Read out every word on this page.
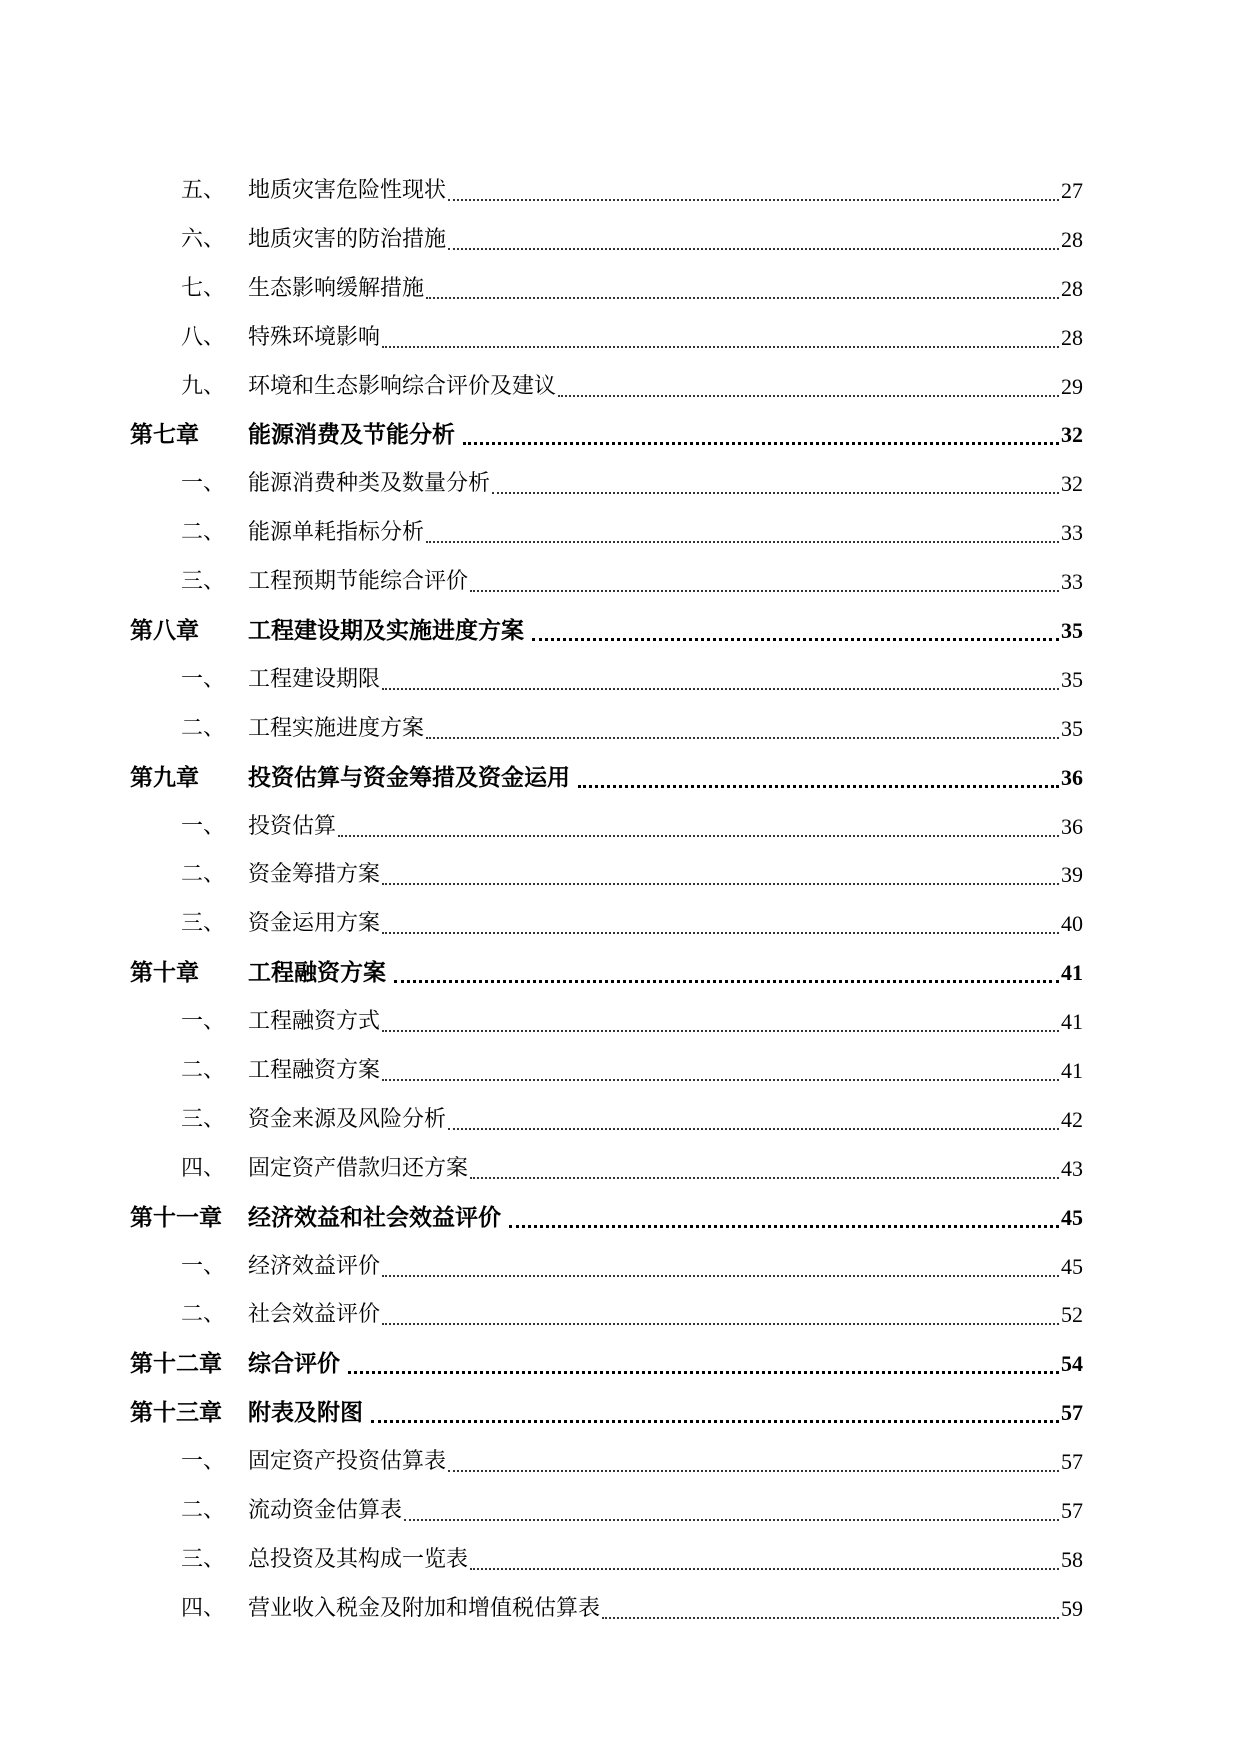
五、 地质灾害危险性现状	27
六、 地质灾害的防治措施	28
七、 生态影响缓解措施	28
八、 特殊环境影响	28
九、 环境和生态影响综合评价及建议	29
第七章 能源消费及节能分析	32
一、 能源消费种类及数量分析	32
二、 能源单耗指标分析	33
三、 工程预期节能综合评价	33
第八章 工程建设期及实施进度方案	35
一、 工程建设期限	35
二、 工程实施进度方案	35
第九章 投资估算与资金筹措及资金运用	36
一、 投资估算	36
二、 资金筹措方案	39
三、 资金运用方案	40
第十章 工程融资方案	41
一、 工程融资方式	41
二、 工程融资方案	41
三、 资金来源及风险分析	42
四、 固定资产借款归还方案	43
第十一章 经济效益和社会效益评价	45
一、 经济效益评价	45
二、 社会效益评价	52
第十二章 综合评价	54
第十三章 附表及附图	57
一、 固定资产投资估算表	57
二、 流动资金估算表	57
三、 总投资及其构成一览表	58
四、 营业收入税金及附加和增值税估算表	59
